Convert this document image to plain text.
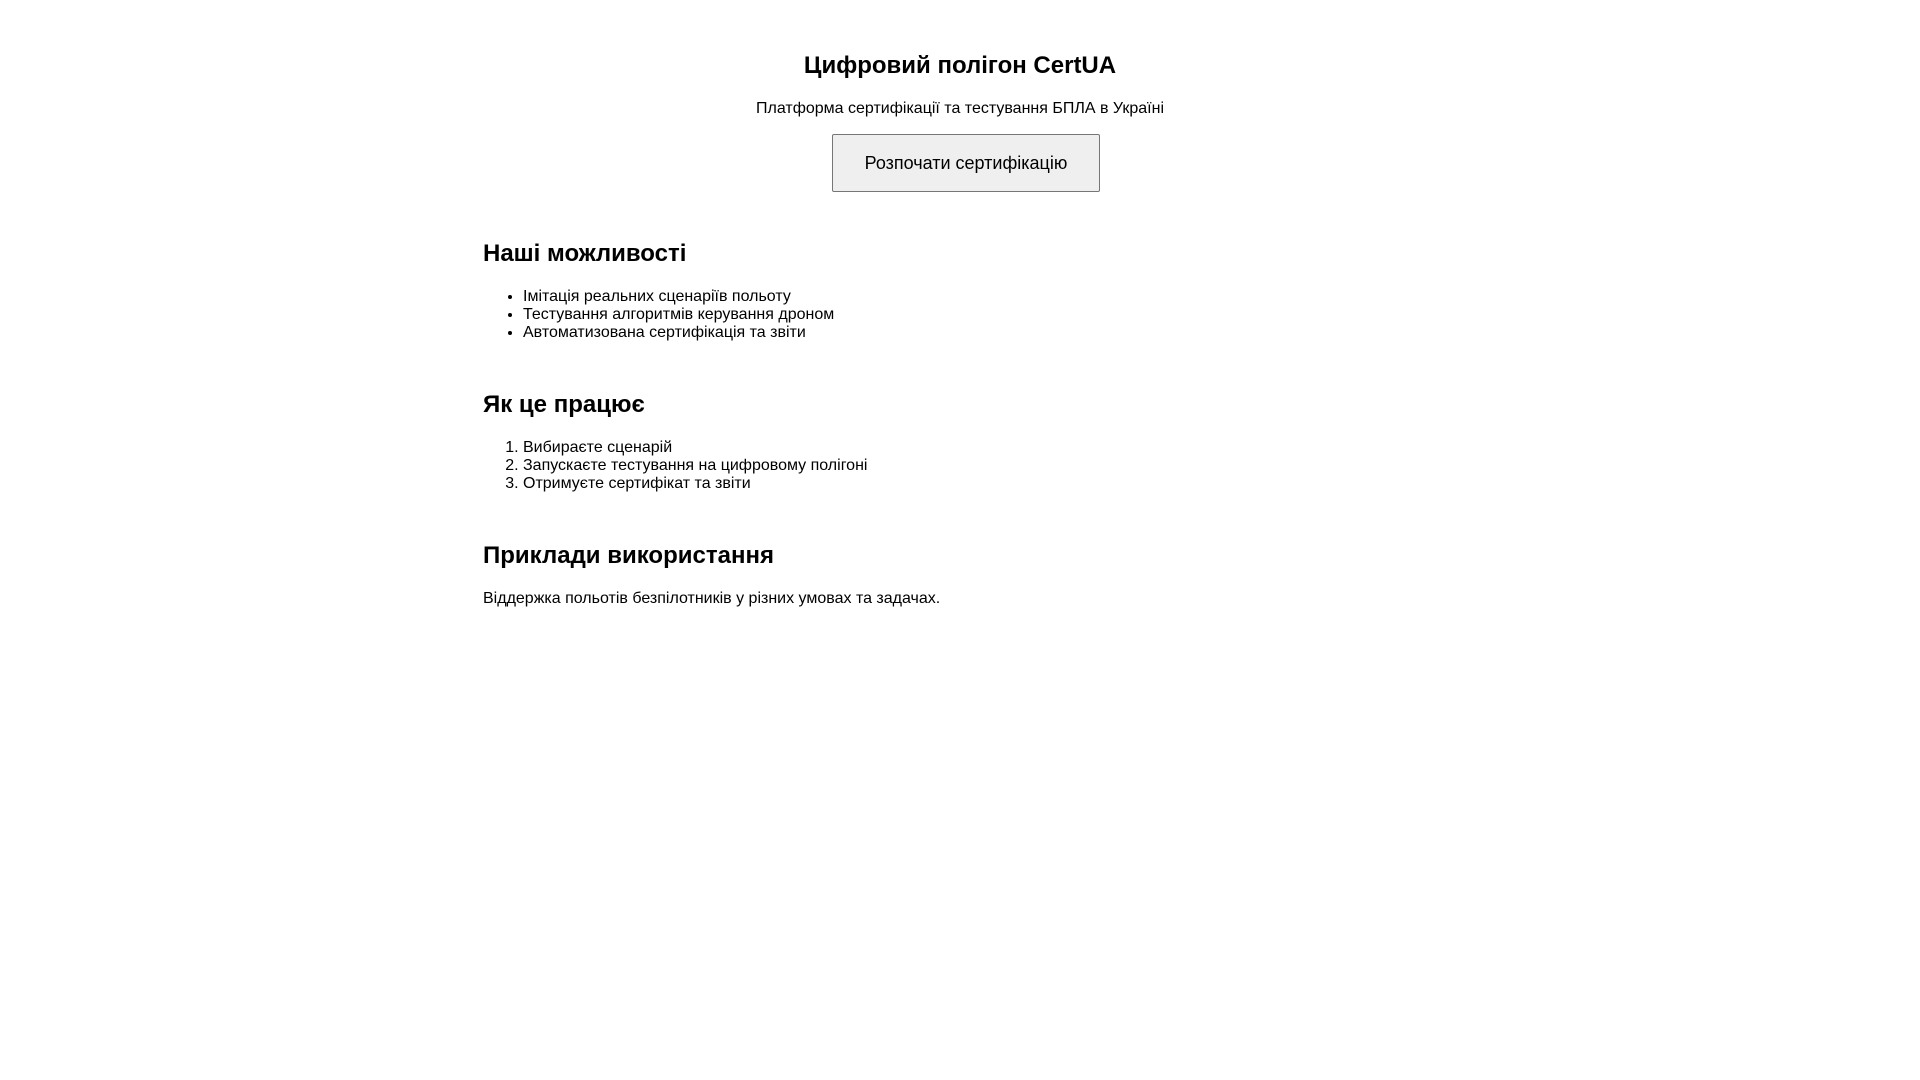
Цифровий полігон CertUA

Платформа сертифікації та тестування БПЛА в Україні

Розпочати сертифікацію
Наші можливості
• Імітація реальних сценаріїв польоту
• Тестування алгоритмів керування дроном
• Автоматизована сертифікація та звіти
Як це працює
1. Вибираєте сценарій
2. Запускаєте тестування на цифровому полігоні
3. Отримуєте сертифікат та звіти
Приклади використання

Віддержка польотів безпілотників у різних умовах та задачах.
